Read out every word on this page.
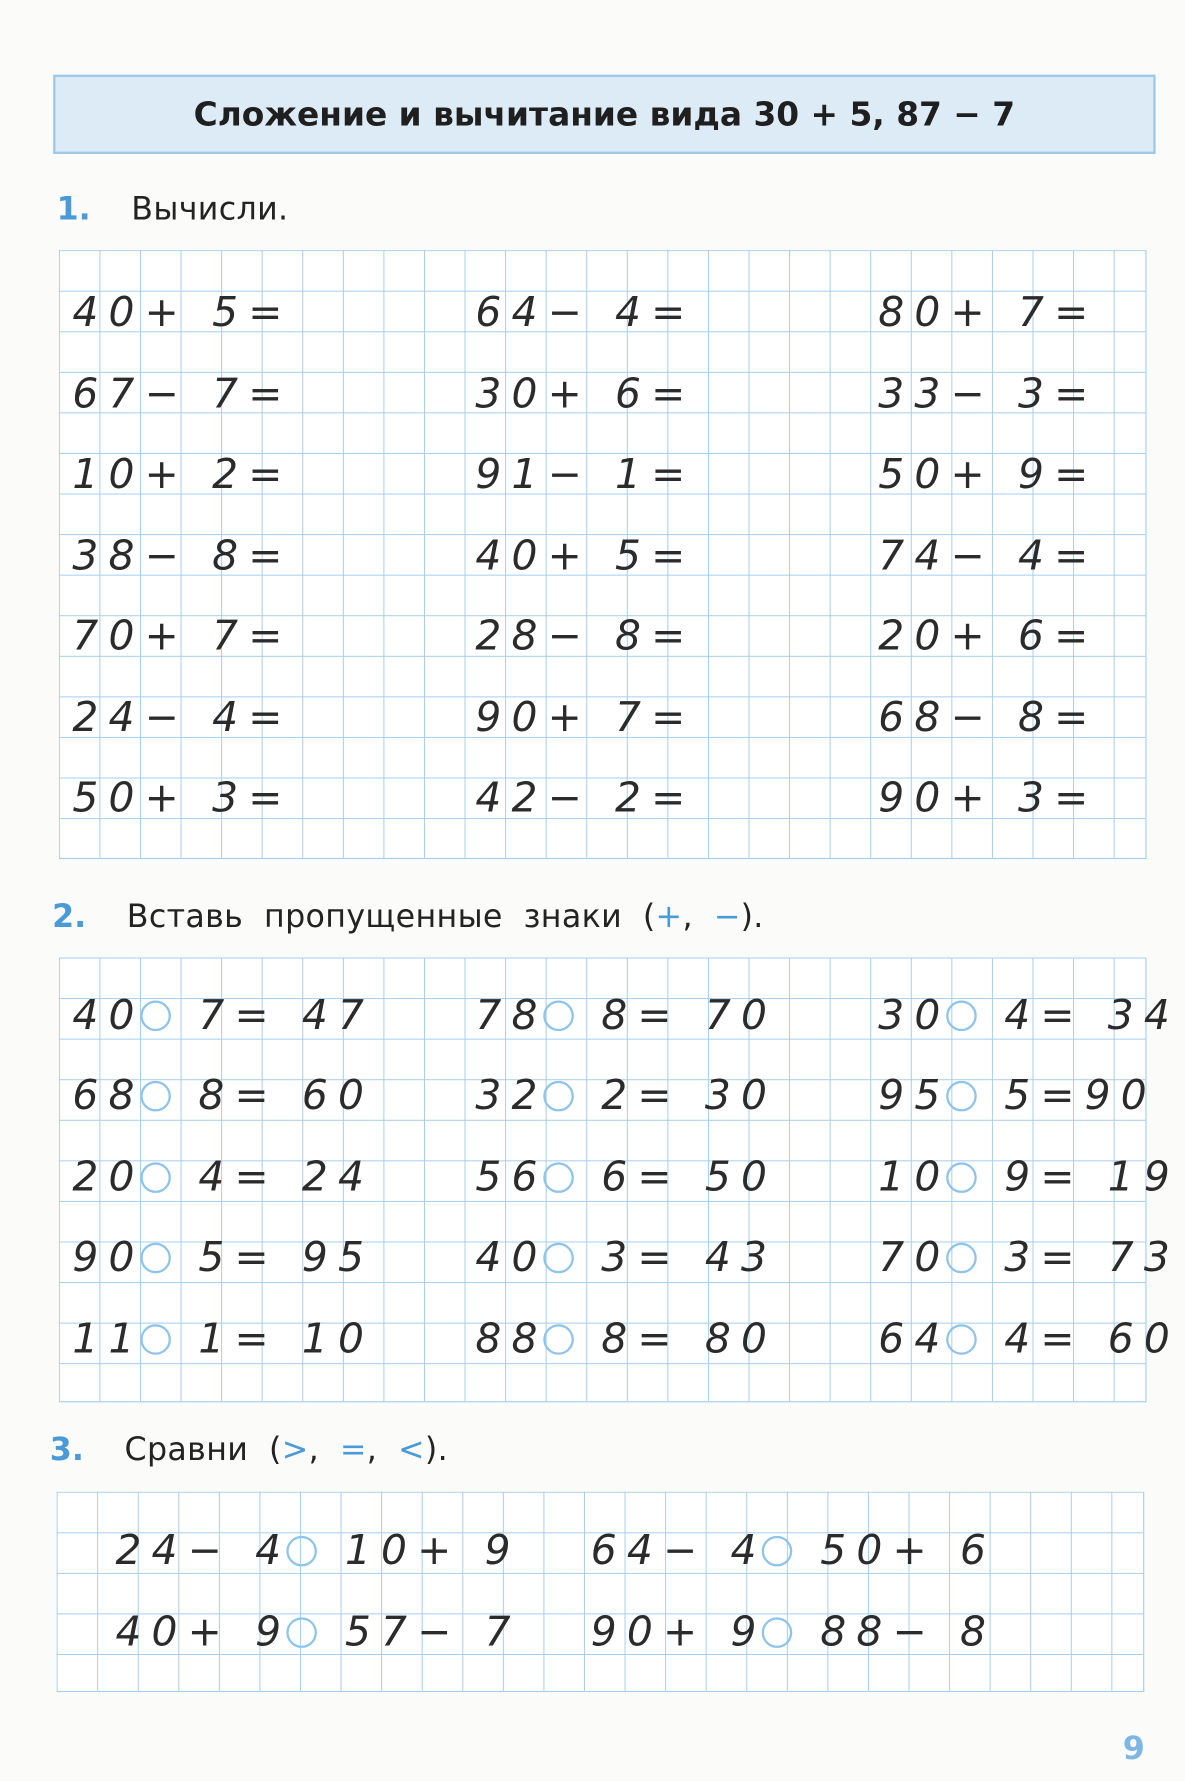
Сложение и вычитание вида 30 + 5, 87 − 7
1.	Вычисли.
40+ 5=
67− 7=
10+ 2=
38− 8=
70+ 7=
24− 4=
50+ 3=
64− 4=
30+ 6=
91− 1=
40+ 5=
28− 8=
90+ 7=
42− 2=
80+ 7=
33− 3=
50+ 9=
74− 4=
20+ 6=
68− 8=
90+ 3=
2.	Вставь  пропущенные  знаки  (+,  −).
40 7= 47
68 8= 60
20 4= 24
90 5= 95
11 1= 10
78 8= 70
32 2= 30
56 6= 50
40 3= 43
88 8= 80
30 4= 34
95 5=90
10 9= 19
70 3= 73
64 4= 60
3.	Сравни  (>,  =,  <).
24− 4 10+ 9 64− 4 50+ 6
40+ 9 57− 7 90+ 9 88− 8
9
